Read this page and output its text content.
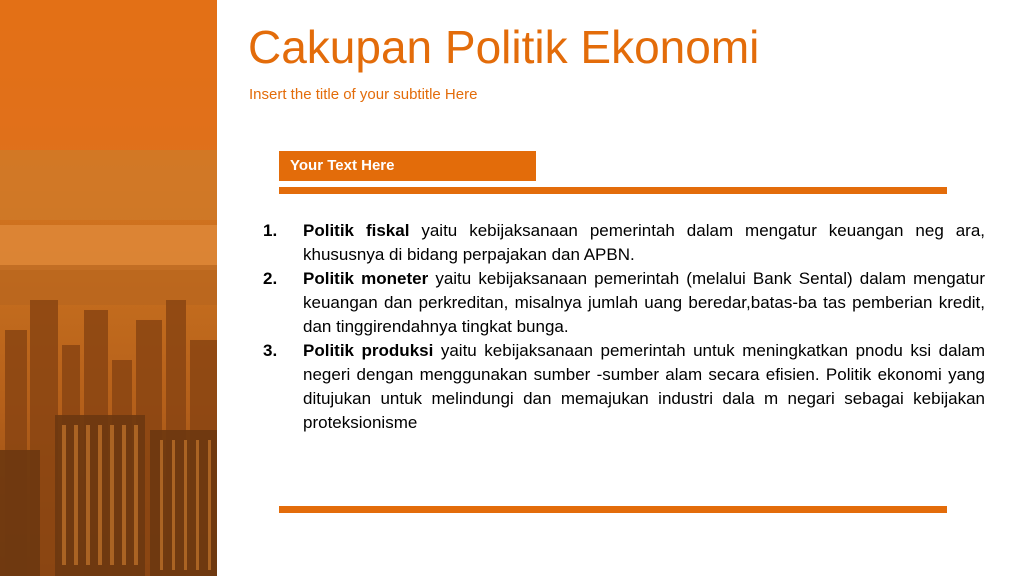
Cakupan Politik Ekonomi
Insert the title of your subtitle Here
Your Text Here
1.	Politik fiskal yaitu kebijaksanaan pemerintah dalam mengatur keuangan neg ara, khususnya di bidang perpajakan dan APBN.
2.	Politik moneter yaitu kebijaksanaan pemerintah (melalui Bank Sental) dalam mengatur keuangan dan perkreditan, misalnya jumlah uang beredar,batas-ba tas pemberian kredit, dan tinggirendahnya tingkat bunga.
3.	Politik produksi yaitu kebijaksanaan pemerintah untuk meningkatkan pnodu ksi dalam negeri dengan menggunakan sumber -sumber alam secara efisien. Politik ekonomi yang ditujukan untuk melindungi dan memajukan industri dala m negari sebagai kebijakan proteksionisme
